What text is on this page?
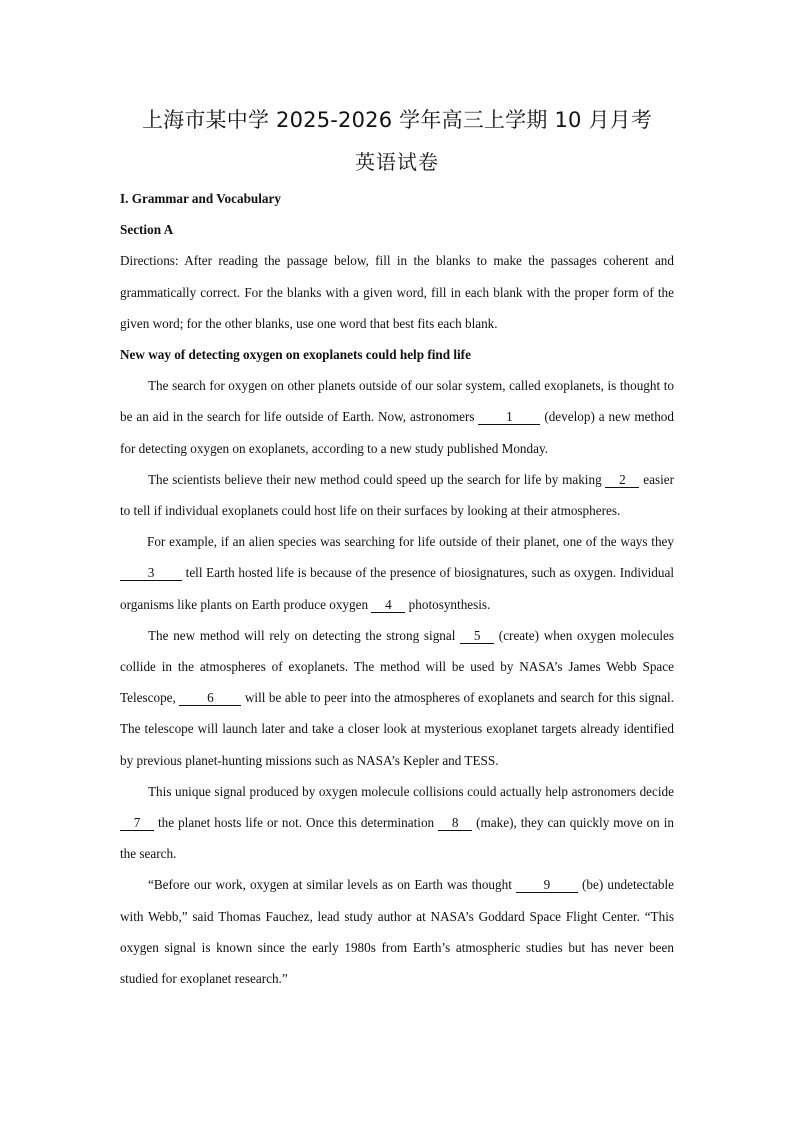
上海市某中学 2025-2026 学年高三上学期 10 月月考
英语试卷

I. Grammar and Vocabulary

Section A

Directions: After reading the passage below, fill in the blanks to make the passages coherent and grammatically correct. For the blanks with a given word, fill in each blank with the proper form of the given word; for the other blanks, use one word that best fits each blank.

New way of detecting oxygen on exoplanets could help find life

The search for oxygen on other planets outside of our solar system, called exoplanets, is thought to be an aid in the search for life outside of Earth. Now, astronomers 1 (develop) a new method for detecting oxygen on exoplanets, according to a new study published Monday.

The scientists believe their new method could speed up the search for life by making 2 easier to tell if individual exoplanets could host life on their surfaces by looking at their atmospheres.

For example, if an alien species was searching for life outside of their planet, one of the ways they 3 tell Earth hosted life is because of the presence of biosignatures, such as oxygen. Individual organisms like plants on Earth produce oxygen 4 photosynthesis.

The new method will rely on detecting the strong signal 5 (create) when oxygen molecules collide in the atmospheres of exoplanets. The method will be used by NASA’s James Webb Space Telescope, 6 will be able to peer into the atmospheres of exoplanets and search for this signal. The telescope will launch later and take a closer look at mysterious exoplanet targets already identified by previous planet-hunting missions such as NASA’s Kepler and TESS.

This unique signal produced by oxygen molecule collisions could actually help astronomers decide 7 the planet hosts life or not. Once this determination 8 (make), they can quickly move on in the search.

“Before our work, oxygen at similar levels as on Earth was thought 9 (be) undetectable with Webb,” said Thomas Fauchez, lead study author at NASA’s Goddard Space Flight Center. “This oxygen signal is known since the early 1980s from Earth’s atmospheric studies but has never been studied for exoplanet research.”
